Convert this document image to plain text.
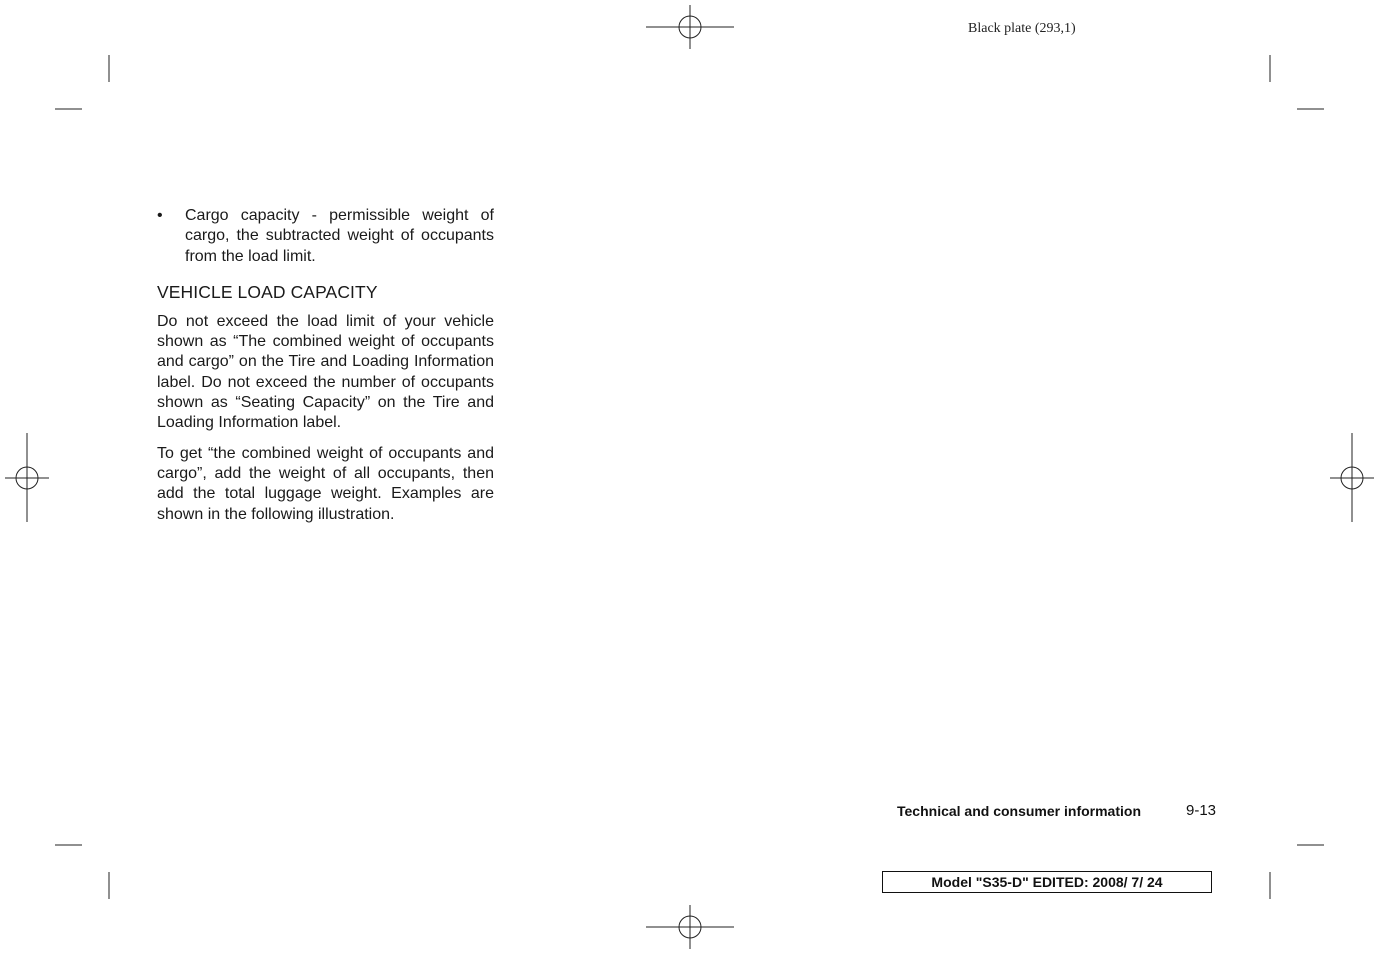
Black plate (293,1)
• Cargo capacity - permissible weight of cargo, the subtracted weight of occupants from the load limit.
VEHICLE LOAD CAPACITY

Do not exceed the load limit of your vehicle shown as “The combined weight of occupants and cargo” on the Tire and Loading Information label. Do not exceed the number of occupants shown as “Seating Capacity” on the Tire and Loading Information label.

To get “the combined weight of occupants and cargo”, add the weight of all occupants, then add the total luggage weight. Examples are shown in the following illustration.

Technical and consumer information	9-13
Model "S35-D" EDITED: 2008/ 7/ 24
